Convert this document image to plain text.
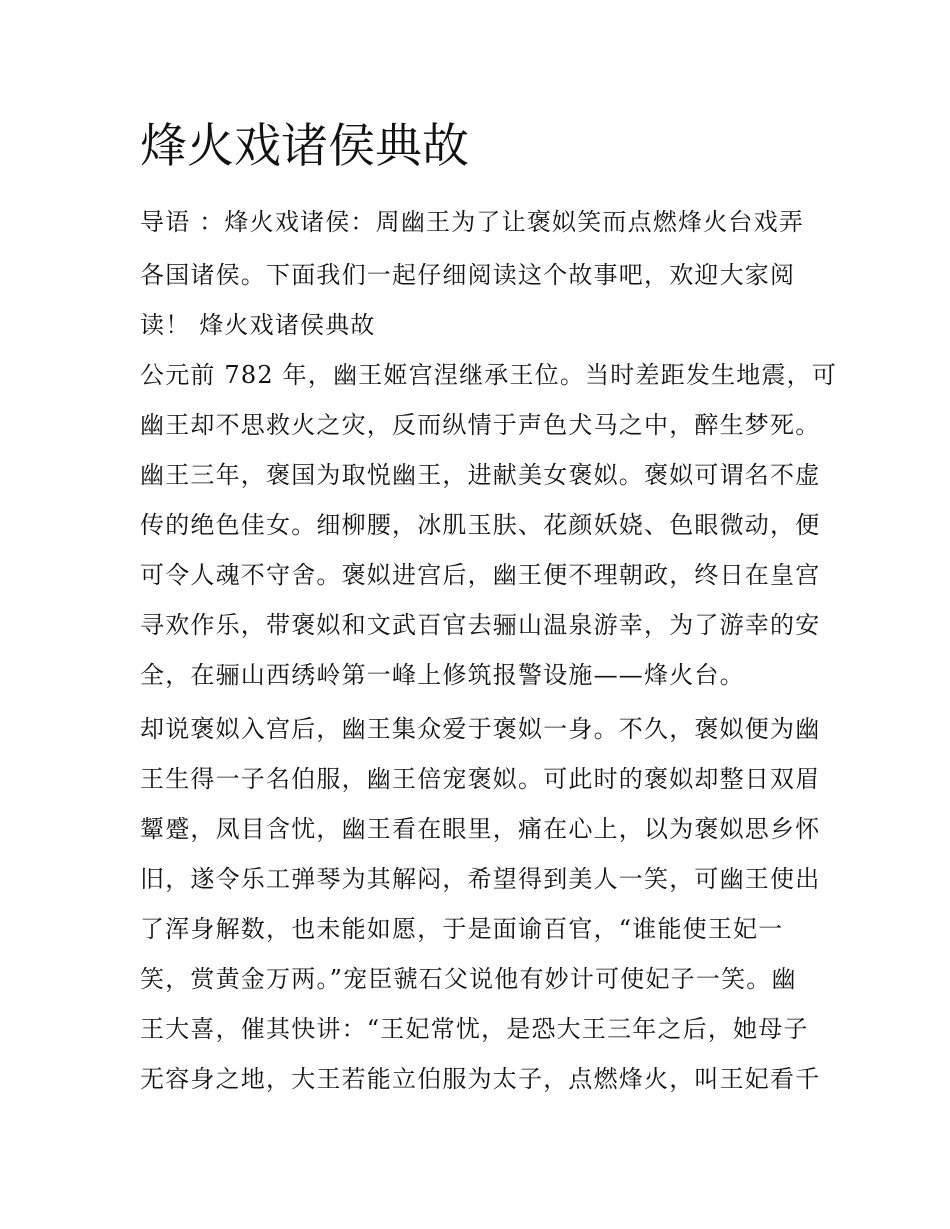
烽火戏诸侯典故

导语 ：烽火戏诸侯：周幽王为了让褒姒笑而点燃烽火台戏弄

各国诸侯。下面我们一起仔细阅读这个故事吧，欢迎大家阅

读！ 烽火戏诸侯典故

公元前 782 年，幽王姬宫涅继承王位。当时差距发生地震，可

幽王却不思救火之灾，反而纵情于声色犬马之中，醉生梦死。

幽王三年，褒国为取悦幽王，进献美女褒姒。褒姒可谓名不虚

传的绝色佳女。细柳腰，冰肌玉肤、花颜妖娆、色眼微动，便

可令人魂不守舍。褒姒进宫后，幽王便不理朝政，终日在皇宫

寻欢作乐，带褒姒和文武百官去骊山温泉游幸，为了游幸的安

全，在骊山西绣岭第一峰上修筑报警设施——烽火台。

却说褒姒入宫后，幽王集众爱于褒姒一身。不久，褒姒便为幽

王生得一子名伯服，幽王倍宠褒姒。可此时的褒姒却整日双眉

颦蹙，凤目含忧，幽王看在眼里，痛在心上，以为褒姒思乡怀

旧，遂令乐工弹琴为其解闷，希望得到美人一笑，可幽王使出

了浑身解数，也未能如愿，于是面谕百官，“谁能使王妃一

笑，赏黄金万两。”宠臣虢石父说他有妙计可使妃子一笑。幽

王大喜，催其快讲：“王妃常忧，是恐大王三年之后，她母子

无容身之地，大王若能立伯服为太子，点燃烽火，叫王妃看千
